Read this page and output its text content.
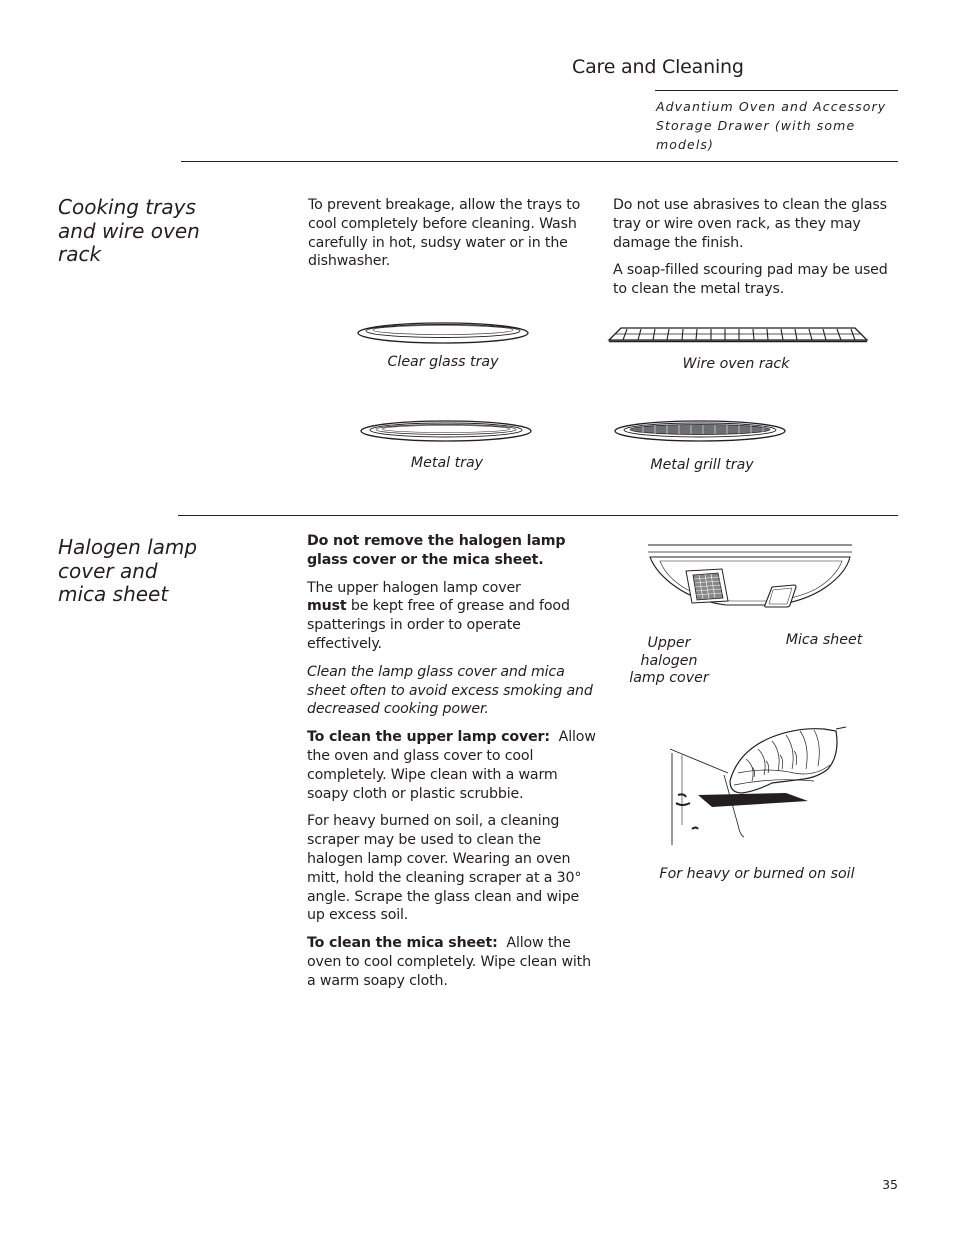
Care and Cleaning
Advantium Oven and Accessory Storage Drawer (with some models)
Cooking trays and wire oven rack

To prevent breakage, allow the trays to cool completely before cleaning. Wash carefully in hot, sudsy water or in the dishwasher.

Do not use abrasives to clean the glass tray or wire oven rack, as they may damage the finish.

A soap-filled scouring pad may be used to clean the metal trays.

Clear glass tray	Wire oven rack
Metal tray	Metal grill tray
Halogen lamp cover and mica sheet

Do not remove the halogen lamp glass cover or the mica sheet.

The upper halogen lamp cover
must be kept free of grease and food spatterings in order to operate effectively.

Clean the lamp glass cover and mica sheet often to avoid excess smoking and decreased cooking power.

To clean the upper lamp cover: Allow the oven and glass cover to cool completely. Wipe clean with a warm soapy cloth or plastic scrubbie.

For heavy burned on soil, a cleaning scraper may be used to clean the halogen lamp cover. Wearing an oven mitt, hold the cleaning scraper at a 30° angle. Scrape the glass clean and wipe up excess soil.

To clean the mica sheet: Allow the oven to cool completely. Wipe clean with a warm soapy cloth.

Upper halogen lamp cover
Mica sheet
For heavy or burned on soil
35
